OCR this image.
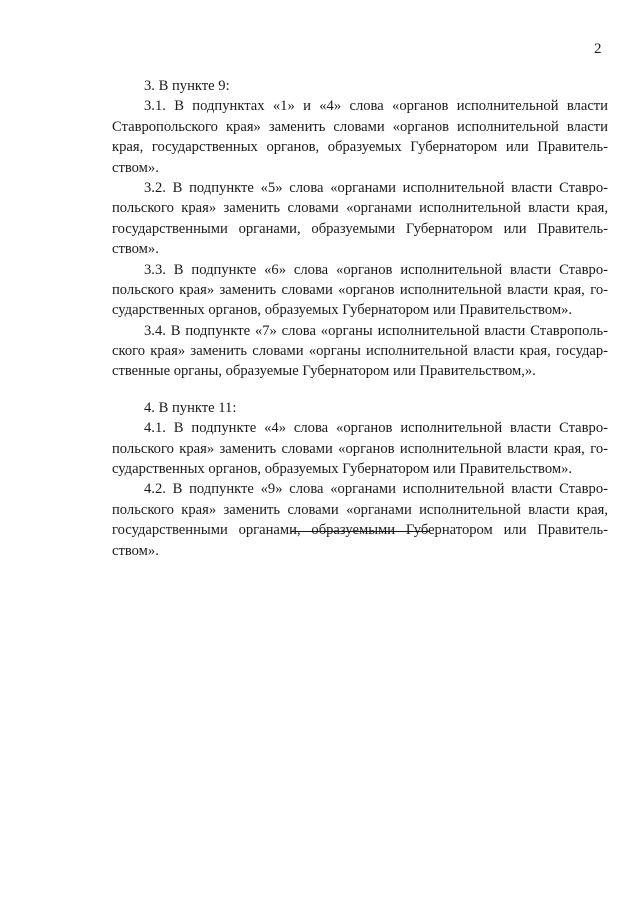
2
3. В пункте 9:
3.1. В подпунктах «1» и «4» слова «органов исполнительной власти
Ставропольского края» заменить словами «органов исполнительной власти
края, государственных органов, образуемых Губернатором или Правитель-
ством».
3.2. В подпункте «5» слова «органами исполнительной власти Ставро-
польского края» заменить словами «органами исполнительной власти края,
государственными органами, образуемыми Губернатором или Правитель-
ством».
3.3. В подпункте «6» слова «органов исполнительной власти Ставро-
польского края» заменить словами «органов исполнительной власти края, го-
сударственных органов, образуемых Губернатором или Правительством».
3.4. В подпункте «7» слова «органы исполнительной власти Ставрополь-
ского края» заменить словами «органы исполнительной власти края, государ-
ственные органы, образуемые Губернатором или Правительством,».
4. В пункте 11:
4.1. В подпункте «4» слова «органов исполнительной власти Ставро-
польского края» заменить словами «органов исполнительной власти края, го-
сударственных органов, образуемых Губернатором или Правительством».
4.2. В подпункте «9» слова «органами исполнительной власти Ставро-
польского края» заменить словами «органами исполнительной власти края,
государственными органами, образуемыми Губернатором или Правитель-
ством».
